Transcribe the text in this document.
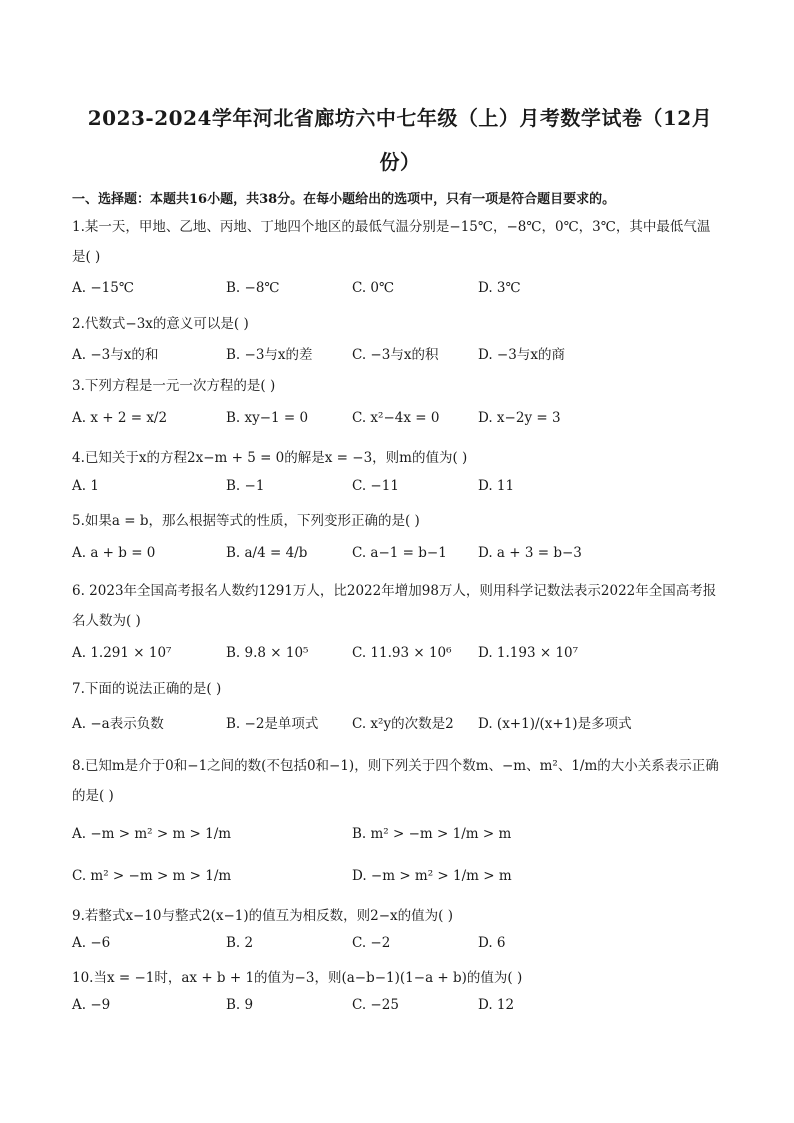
2023-2024学年河北省廊坊六中七年级（上）月考数学试卷（12月
份）
一、选择题：本题共16小题，共38分。在每小题给出的选项中，只有一项是符合题目要求的。
1.某一天，甲地、乙地、丙地、丁地四个地区的最低气温分别是−15℃，−8℃，0℃，3℃，其中最低气温
是( )
A. −15℃	B. −8℃	C. 0℃	D. 3℃
2.代数式−3x的意义可以是( )
A. −3与x的和	B. −3与x的差	C. −3与x的积	D. −3与x的商
3.下列方程是一元一次方程的是( )
A. x + 2 = x/2	B. xy−1 = 0	C. x²−4x = 0	D. x−2y = 3
4.已知关于x的方程2x−m + 5 = 0的解是x = −3，则m的值为( )
A. 1	B. −1	C. −11	D. 11
5.如果a = b，那么根据等式的性质，下列变形正确的是( )
A. a + b = 0	B. a/4 = 4/b	C. a−1 = b−1 D. a + 3 = b−3
6. 2023年全国高考报名人数约1291万人，比2022年增加98万人，则用科学记数法表示2022年全国高考报
名人数为( )
A. 1.291 × 10⁷	B. 9.8 × 10⁵	C. 11.93 × 10⁶ D. 1.193 × 10⁷
7.下面的说法正确的是( )
A. −a表示负数	B. −2是单项式 C. x²y的次数是2 D. (x+1)/(x+1)是多项式
8.已知m是介于0和−1之间的数(不包括0和−1)，则下列关于四个数m、−m、m²、1/m的大小关系表示正确
的是( )
A. −m > m² > m > 1/m	B. m² > −m > 1/m > m
C. m² > −m > m > 1/m	D. −m > m² > 1/m > m
9.若整式x−10与整式2(x−1)的值互为相反数，则2−x的值为( )
A. −6	B. 2	C. −2	D. 6
10.当x = −1时，ax + b + 1的值为−3，则(a−b−1)(1−a + b)的值为( )
A. −9	B. 9	C. −25	D. 12
